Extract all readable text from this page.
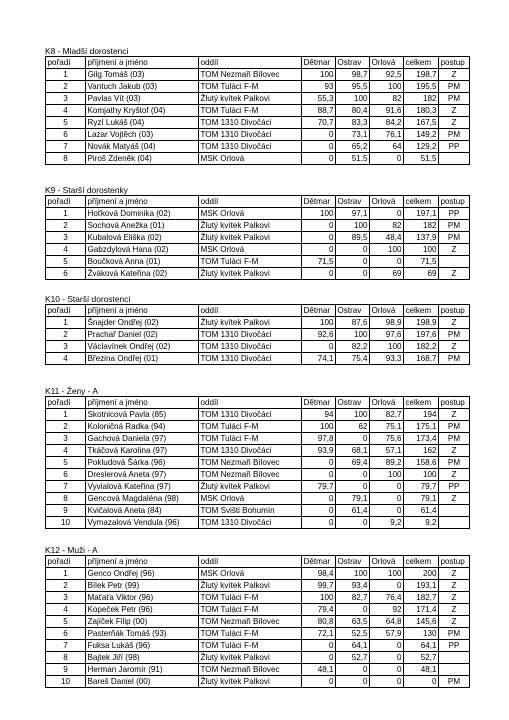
K8 - Mladší dorostenci
pořadí	příjmení a jméno	oddíl	Dětmar	Ostrav	Orlová	celkem	postup
1	Gilg Tomáš (03)	TOM Nezmaři Bílovec	100	98,7	92,5	198,7	Z
2	Vantuch Jakub (03)	TOM Tuláci F-M	93	95,5	100	195,5	PM
3	Pavlas Vít (03)	Žlutý kvítek Palkovi	55,3	100	82	182	PM
4	Komjathy Kryštof (04)	TOM Tuláci F-M	88,7	80,4	91,6	180,3	Z
5	Ryzí Lukáš (04)	TOM 1310 Divočáci	70,7	83,3	84,2	167,5	Z
6	Lazar Vojtěch (03)	TOM 1310 Divočáci	0	73,1	76,1	149,2	PM
7	Novák Matyáš (04)	TOM 1310 Divočáci	0	65,2	64	129,2	PP
8	Piroš Zdeněk (04)	MSK Orlová	0	51,5	0	51,5	
K9 - Starší dorostenky
pořadí	příjmení a jméno	oddíl	Dětmar	Ostrav	Orlová	celkem	postup
1	Hoťková Dominika (02)	MSK Orlová	100	97,1	0	197,1	PP
2	Sochová Anežka (01)	Žlutý kvítek Palkovi	0	100	82	182	PM
3	Kubalová Eliška (02)	Žlutý kvítek Palkovi	0	89,5	48,4	137,9	PM
4	Gabzdylová Hana (02)	MSK Orlová	0	0	100	100	Z
5	Boučková Anna (01)	TOM Tuláci F-M	71,5	0	0	71,5	
6	Žváková Kateřina (02)	Žlutý kvítek Palkovi	0	0	69	69	Z
K10 - Starší dorostenci
pořadí	příjmení a jméno	oddíl	Dětmar	Ostrav	Orlová	celkem	postup
1	Šnajder Ondřej (02)	Žlutý kvítek Palkovi	100	87,6	98,9	198,9	Z
2	Prachař Daniel (02)	TOM 1310 Divočáci	92,6	100	97,6	197,6	PM
3	Václavínek Ondřej (02)	TOM 1310 Divočáci	0	82,2	100	182,2	Z
4	Březina Ondřej (01)	TOM 1310 Divočáci	74,1	75,4	93,3	168,7	PM
K11 - Ženy - A
pořadí	příjmení a jméno	oddíl	Dětmar	Ostrav	Orlová	celkem	postup
1	Skotnicová Pavla (85)	TOM 1310 Divočáci	94	100	82,7	194	Z
2	Koloničná Radka (94)	TOM Tuláci F-M	100	62	75,1	175,1	PM
3	Gachová Daniela (97)	TOM Tuláci F-M	97,8	0	75,6	173,4	PM
4	Tkáčová Karolína (97)	TOM 1310 Divočáci	93,9	68,1	57,1	162	Z
5	Pokludová Šárka (96)	TOM Nezmaři Bílovec	0	69,4	89,2	158,6	PM
6	Dreslerová Aneta (97)	TOM Nezmaři Bílovec	0	0	100	100	Z
7	Vyvialová Kateřina (97)	Žlutý kvítek Palkovi	79,7	0	0	79,7	PP
8	Gencová Magdaléna (98)	MSK Orlová	0	79,1	0	79,1	Z
9	Kvičalová Aneta (84)	TOM Svišti Bohumín	0	61,4	0	61,4	
10	Vymazalová Vendula (96)	TOM 1310 Divočáci	0	0	9,2	9,2	
K12 - Muži - A
pořadí	příjmení a jméno	oddíl	Dětmar	Ostrav	Orlová	celkem	postup
1	Genco Ondřej (96)	MSK Orlová	98,4	100	100	200	Z
2	Bílek Petr (99)	Žlutý kvítek Palkovi	99,7	93,4	0	193,1	Z
3	Maťaťa Viktor (96)	TOM Tuláci F-M	100	82,7	76,4	182,7	Z
4	Kopeček Petr (96)	TOM Tuláci F-M	79,4	0	92	171,4	Z
5	Zajíček Filip (00)	TOM Nezmaři Bílovec	80,8	63,5	64,8	145,6	Z
6	Pasterňák Tomáš (93)	TOM Tuláci F-M	72,1	52,5	57,9	130	PM
7	Fuksa Lukáš (96)	TOM Tuláci F-M	0	64,1	0	64,1	PP
8	Bajtek Jiří (98)	Žlutý kvítek Palkovi	0	52,7	0	52,7	
9	Herman Jaromír (91)	TOM Nezmaři Bílovec	48,1	0	0	48,1	
10	Bareš Daniel (00)	Žlutý kvítek Palkovi	0	0	0	0	PM
